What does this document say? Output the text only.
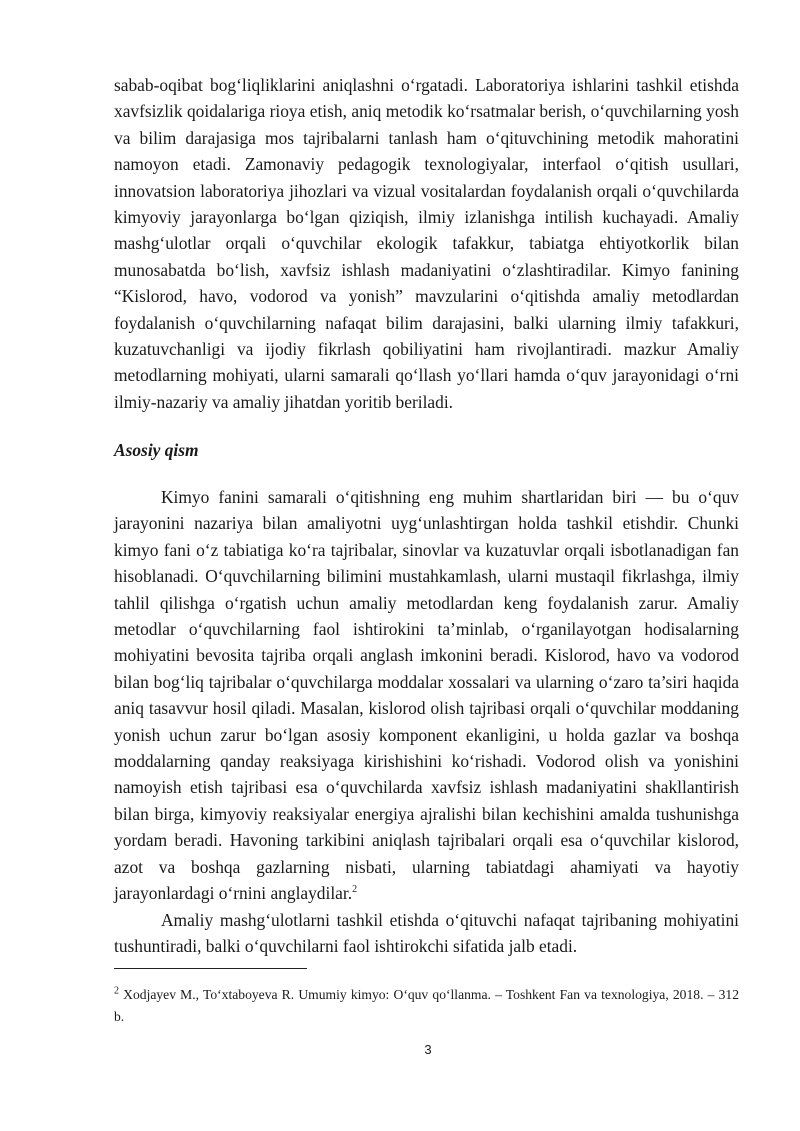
sabab-oqibat bog‘liqliklarini aniqlashni o‘rgatadi. Laboratoriya ishlarini tashkil etishda xavfsizlik qoidalariga rioya etish, aniq metodik ko‘rsatmalar berish, o‘quvchilarning yosh va bilim darajasiga mos tajribalarni tanlash ham o‘qituvchining metodik mahoratini namoyon etadi. Zamonaviy pedagogik texnologiyalar, interfaol o‘qitish usullari, innovatsion laboratoriya jihozlari va vizual vositalardan foydalanish orqali o‘quvchilarda kimyoviy jarayonlarga bo‘lgan qiziqish, ilmiy izlanishga intilish kuchayadi. Amaliy mashg‘ulotlar orqali o‘quvchilar ekologik tafakkur, tabiatga ehtiyotkorlik bilan munosabatda bo‘lish, xavfsiz ishlash madaniyatini o‘zlashtiradilar. Kimyo fanining “Kislorod, havo, vodorod va yonish” mavzularini o‘qitishda amaliy metodlardan foydalanish o‘quvchilarning nafaqat bilim darajasini, balki ularning ilmiy tafakkuri, kuzatuvchanligi va ijodiy fikrlash qobiliyatini ham rivojlantiradi. mazkur Amaliy metodlarning mohiyati, ularni samarali qo‘llash yo‘llari hamda o‘quv jarayonidagi o‘rni ilmiy-nazariy va amaliy jihatdan yoritib beriladi.

Asosiy qism

Kimyo fanini samarali o‘qitishning eng muhim shartlaridan biri — bu o‘quv jarayonini nazariya bilan amaliyotni uyg‘unlashtirgan holda tashkil etishdir. Chunki kimyo fani o‘z tabiatiga ko‘ra tajribalar, sinovlar va kuzatuvlar orqali isbotlanadigan fan hisoblanadi. O‘quvchilarning bilimini mustahkamlash, ularni mustaqil fikrlashga, ilmiy tahlil qilishga o‘rgatish uchun amaliy metodlardan keng foydalanish zarur. Amaliy metodlar o‘quvchilarning faol ishtirokini ta’minlab, o‘rganilayotgan hodisalarning mohiyatini bevosita tajriba orqali anglash imkonini beradi. Kislorod, havo va vodorod bilan bog‘liq tajribalar o‘quvchilarga moddalar xossalari va ularning o‘zaro ta’siri haqida aniq tasavvur hosil qiladi. Masalan, kislorod olish tajribasi orqali o‘quvchilar moddaning yonish uchun zarur bo‘lgan asosiy komponent ekanligini, u holda gazlar va boshqa moddalarning qanday reaksiyaga kirishishini ko‘rishadi. Vodorod olish va yonishini namoyish etish tajribasi esa o‘quvchilarda xavfsiz ishlash madaniyatini shakllantirish bilan birga, kimyoviy reaksiyalar energiya ajralishi bilan kechishini amalda tushunishga yordam beradi. Havoning tarkibini aniqlash tajribalari orqali esa o‘quvchilar kislorod, azot va boshqa gazlarning nisbati, ularning tabiatdagi ahamiyati va hayotiy jarayonlardagi o‘rnini anglaydilar.$^2$

Amaliy mashg‘ulotlarni tashkil etishda o‘qituvchi nafaqat tajribaning mohiyatini tushuntiradi, balki o‘quvchilarni faol ishtirokchi sifatida jalb etadi.

$^2$ Xodjayev M., To‘xtaboyeva R. Umumiy kimyo: O‘quv qo‘llanma. – Toshkent Fan va texnologiya, 2018. – 312 b.

3
